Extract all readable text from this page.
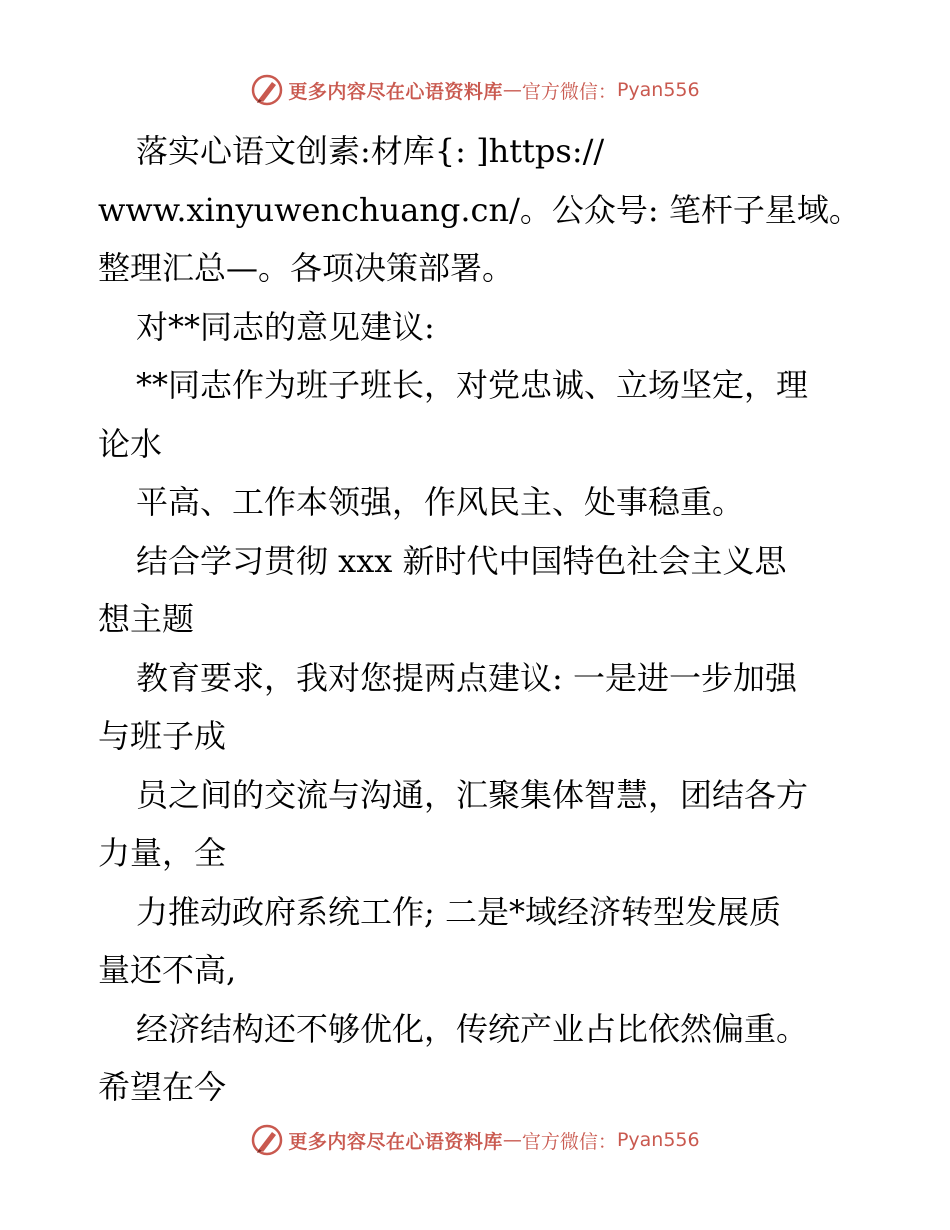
更多内容尽在心语资料库 — 官方微信： Pyan556
落实心语文创素:材库{: ]https://
www.xinyuwenchuang.cn/。公众号: 笔杆子星域。
整理汇总—。各项决策部署。
对**同志的意见建议:
**同志作为班子班长，对党忠诚、立场坚定，理
论水
平高、工作本领强，作风民主、处事稳重。
结合学习贯彻 xxx 新时代中国特色社会主义思
想主题
教育要求，我对您提两点建议: 一是进一步加强
与班子成
员之间的交流与沟通，汇聚集体智慧，团结各方
力量，全
力推动政府系统工作; 二是*域经济转型发展质
量还不高,
经济结构还不够优化，传统产业占比依然偏重。
希望在今
更多内容尽在心语资料库 — 官方微信： Pyan556
